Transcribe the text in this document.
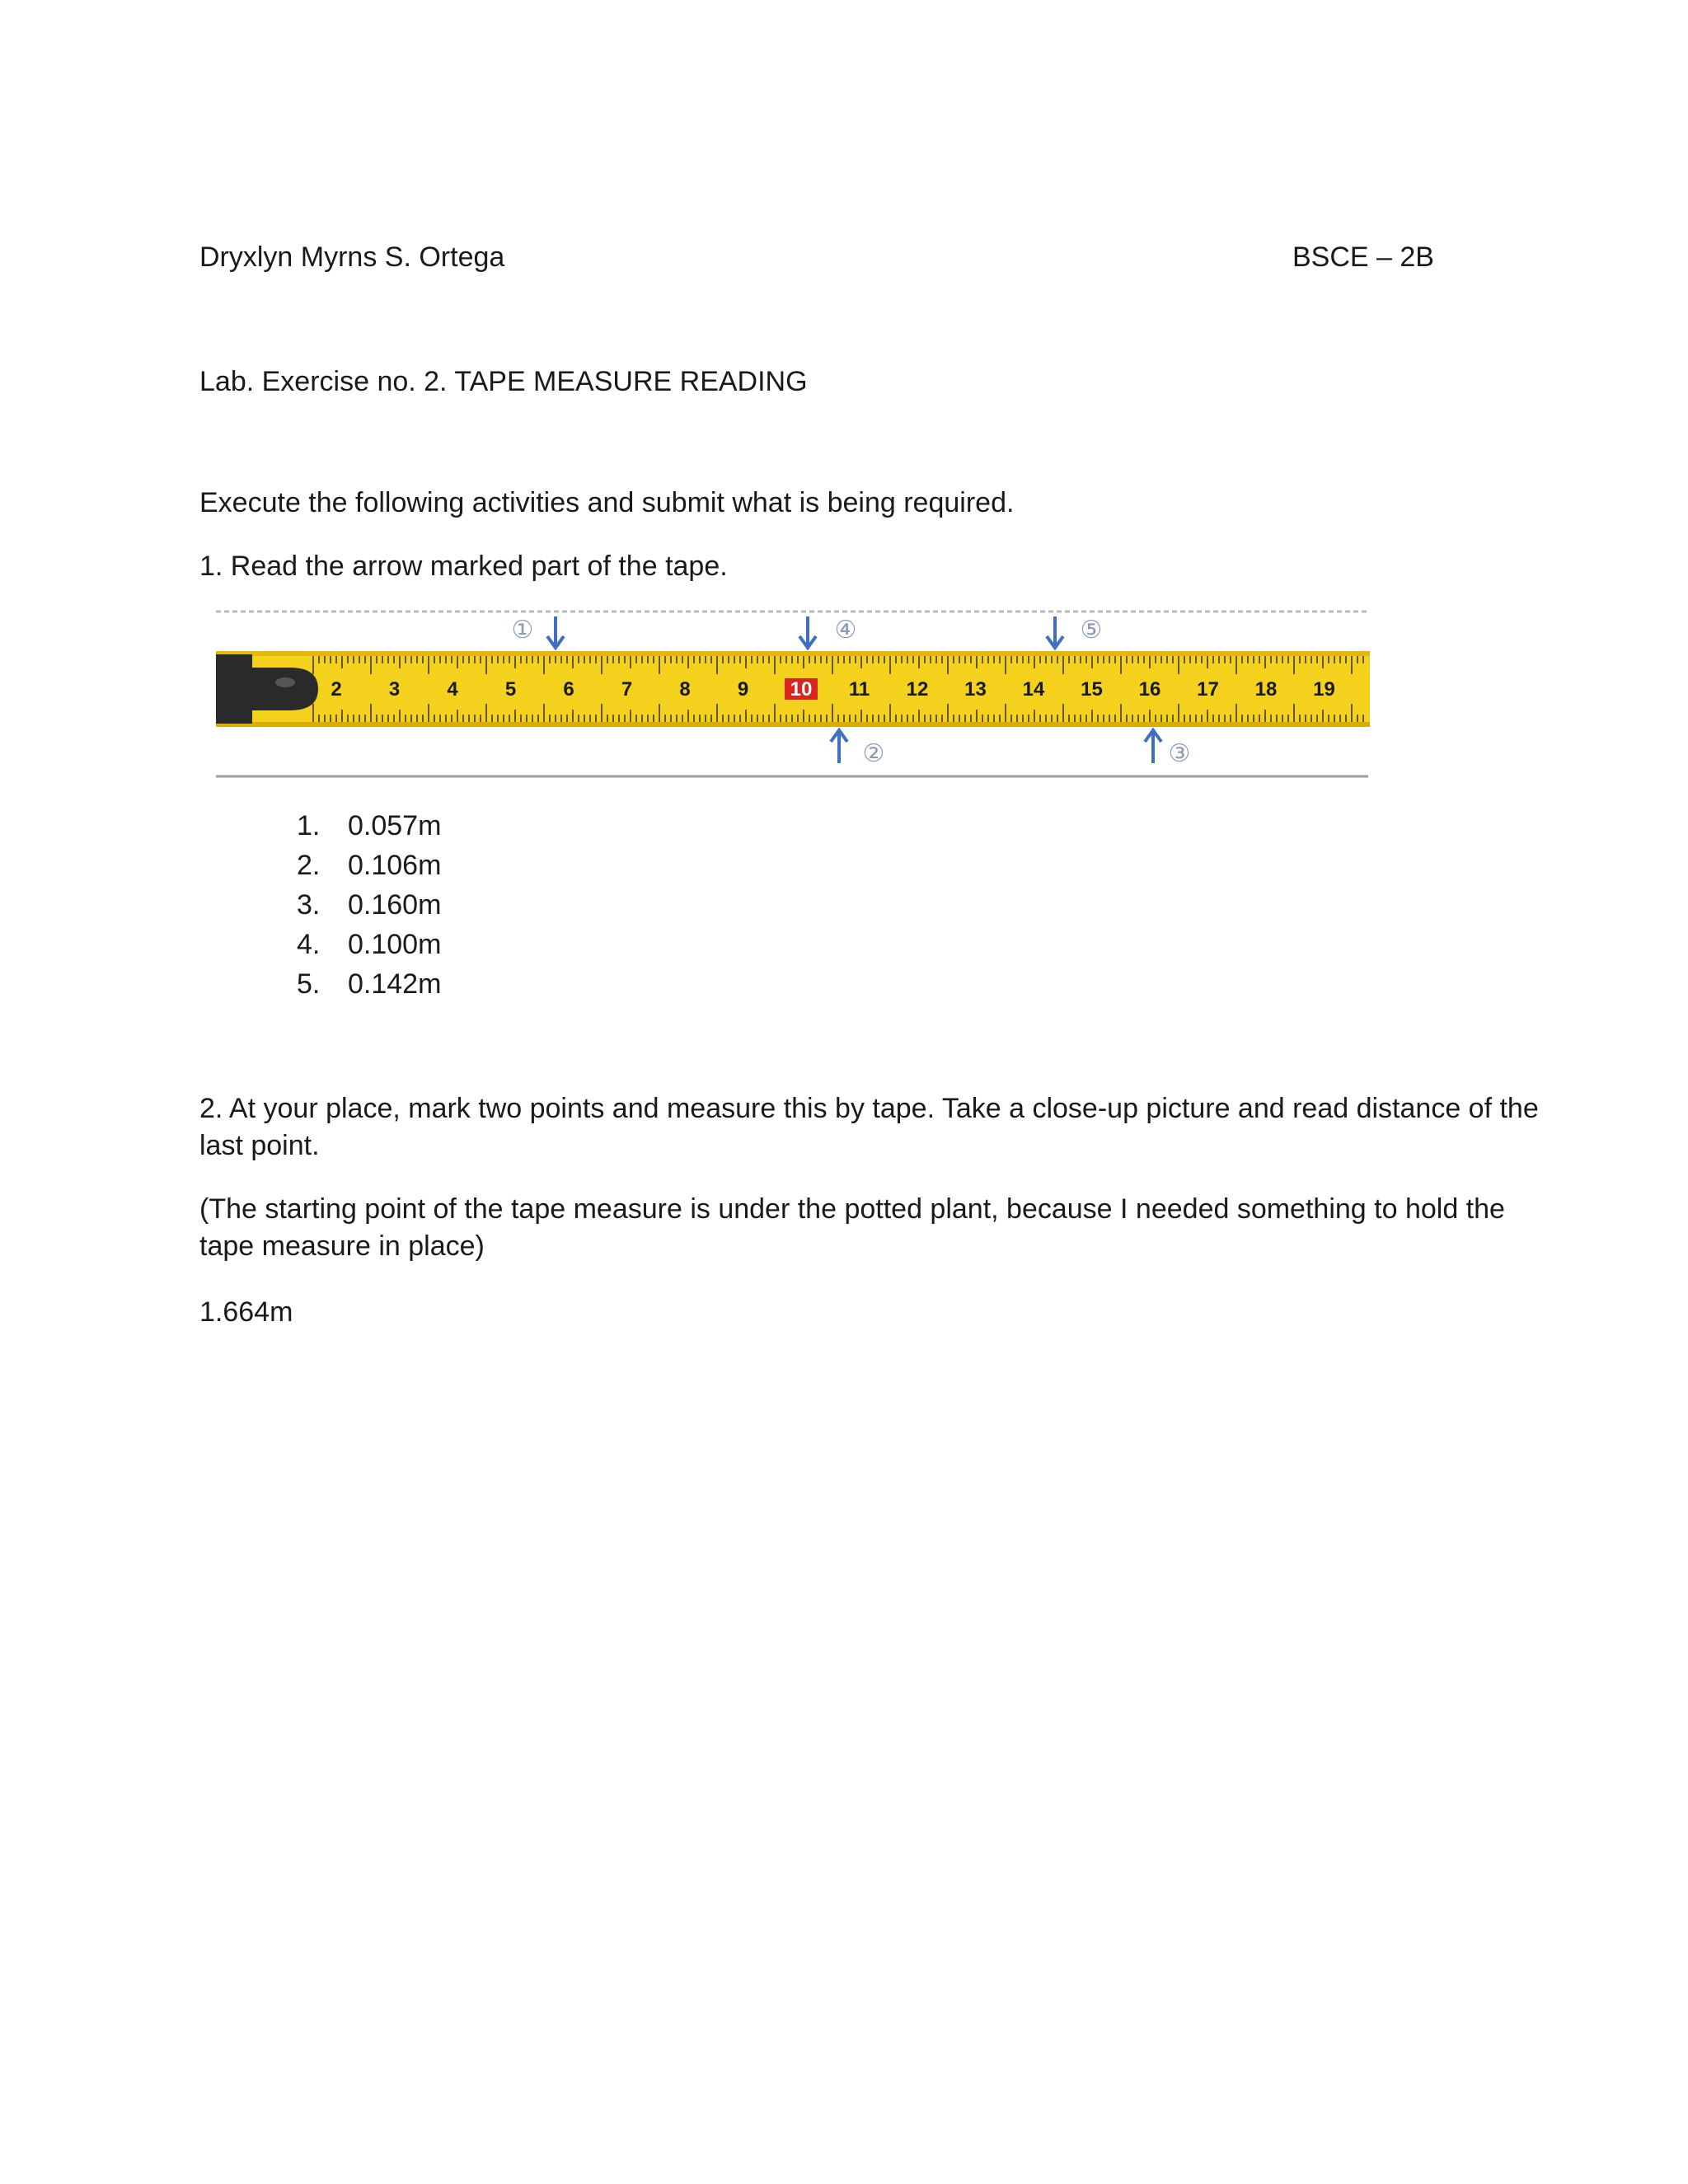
Dryxlyn Myrns S. Ortega	BSCE – 2B
Lab. Exercise no. 2. TAPE MEASURE READING
Execute the following activities and submit what is being required.
1. Read the arrow marked part of the tape.
2 3 4 5 6 7 8 9 10 11 12 13 14 15 16 17 18 19
①
②	③
④	⑤
1. 0.057m
2. 0.106m
3. 0.160m
4. 0.100m
5. 0.142m
2. At your place, mark two points and measure this by tape. Take a close-up picture and read distance of the last point.
(The starting point of the tape measure is under the potted plant, because I needed something to hold the tape measure in place)
1.664m
